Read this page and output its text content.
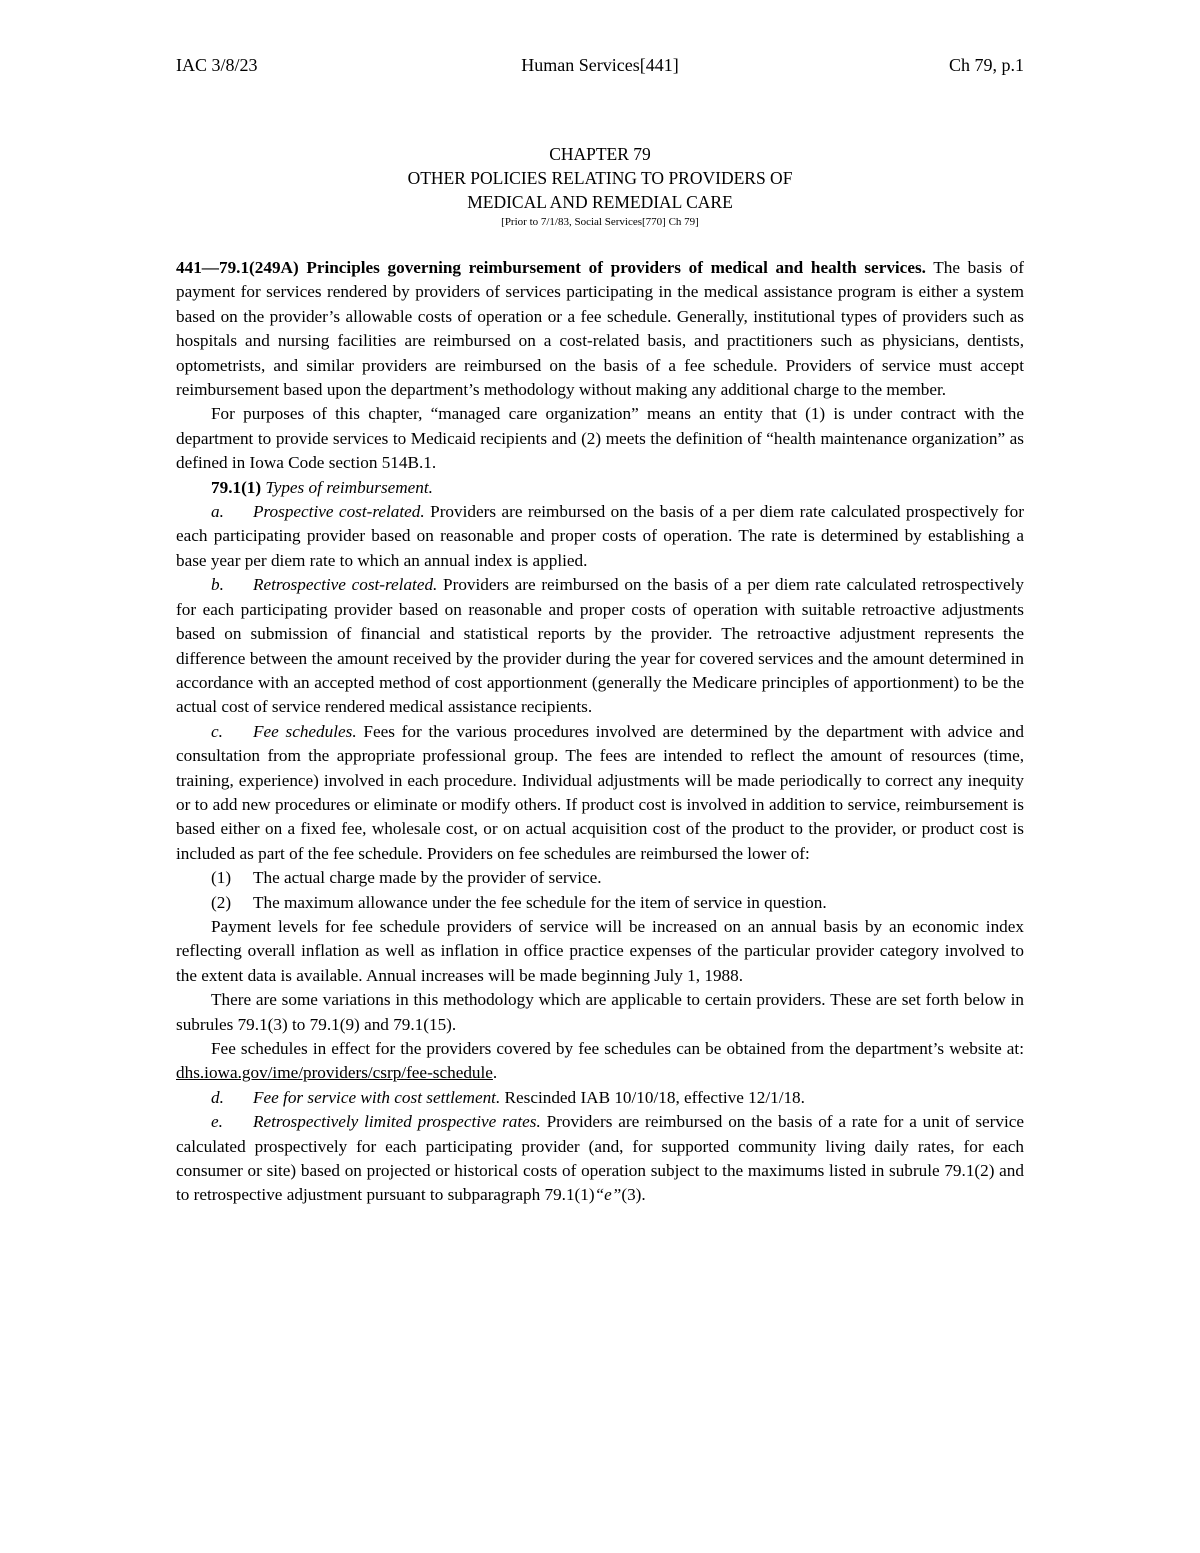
IAC 3/8/23	Human Services[441]	Ch 79, p.1
CHAPTER 79
OTHER POLICIES RELATING TO PROVIDERS OF
MEDICAL AND REMEDIAL CARE
[Prior to 7/1/83, Social Services[770] Ch 79]

441—79.1(249A) Principles governing reimbursement of providers of medical and health services. The basis of payment for services rendered by providers of services participating in the medical assistance program is either a system based on the provider’s allowable costs of operation or a fee schedule. Generally, institutional types of providers such as hospitals and nursing facilities are reimbursed on a cost-related basis, and practitioners such as physicians, dentists, optometrists, and similar providers are reimbursed on the basis of a fee schedule. Providers of service must accept reimbursement based upon the department’s methodology without making any additional charge to the member.

For purposes of this chapter, “managed care organization” means an entity that (1) is under contract with the department to provide services to Medicaid recipients and (2) meets the definition of “health maintenance organization” as defined in Iowa Code section 514B.1.

79.1(1) Types of reimbursement.

a. Prospective cost-related. Providers are reimbursed on the basis of a per diem rate calculated prospectively for each participating provider based on reasonable and proper costs of operation. The rate is determined by establishing a base year per diem rate to which an annual index is applied.

b. Retrospective cost-related. Providers are reimbursed on the basis of a per diem rate calculated retrospectively for each participating provider based on reasonable and proper costs of operation with suitable retroactive adjustments based on submission of financial and statistical reports by the provider. The retroactive adjustment represents the difference between the amount received by the provider during the year for covered services and the amount determined in accordance with an accepted method of cost apportionment (generally the Medicare principles of apportionment) to be the actual cost of service rendered medical assistance recipients.

c. Fee schedules. Fees for the various procedures involved are determined by the department with advice and consultation from the appropriate professional group. The fees are intended to reflect the amount of resources (time, training, experience) involved in each procedure. Individual adjustments will be made periodically to correct any inequity or to add new procedures or eliminate or modify others. If product cost is involved in addition to service, reimbursement is based either on a fixed fee, wholesale cost, or on actual acquisition cost of the product to the provider, or product cost is included as part of the fee schedule. Providers on fee schedules are reimbursed the lower of:

(1) The actual charge made by the provider of service.

(2) The maximum allowance under the fee schedule for the item of service in question.

Payment levels for fee schedule providers of service will be increased on an annual basis by an economic index reflecting overall inflation as well as inflation in office practice expenses of the particular provider category involved to the extent data is available. Annual increases will be made beginning July 1, 1988.

There are some variations in this methodology which are applicable to certain providers. These are set forth below in subrules 79.1(3) to 79.1(9) and 79.1(15).

Fee schedules in effect for the providers covered by fee schedules can be obtained from the department’s website at: dhs.iowa.gov/ime/providers/csrp/fee-schedule.

d. Fee for service with cost settlement. Rescinded IAB 10/10/18, effective 12/1/18.

e. Retrospectively limited prospective rates. Providers are reimbursed on the basis of a rate for a unit of service calculated prospectively for each participating provider (and, for supported community living daily rates, for each consumer or site) based on projected or historical costs of operation subject to the maximums listed in subrule 79.1(2) and to retrospective adjustment pursuant to subparagraph 79.1(1)“e”(3).
